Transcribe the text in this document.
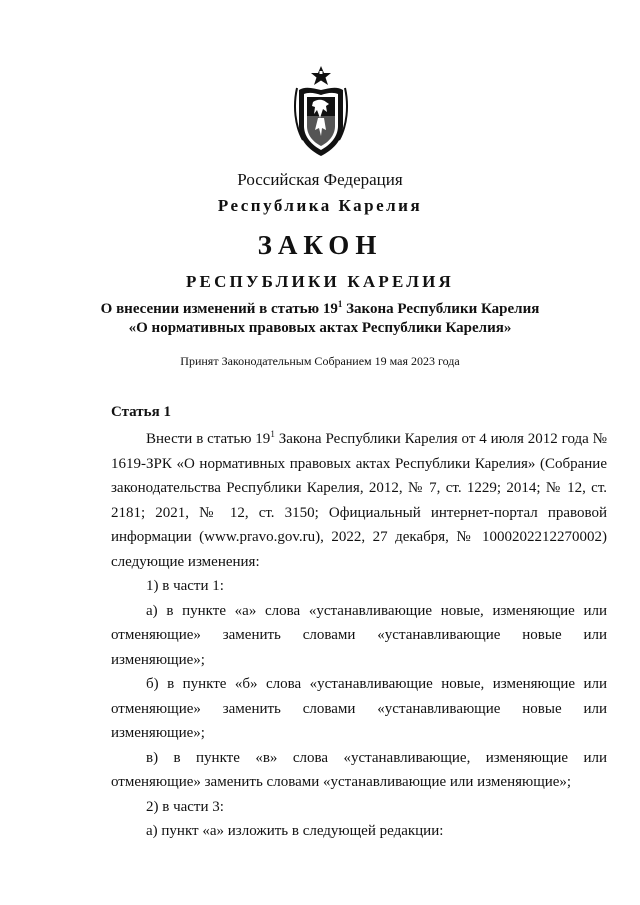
Российская Федерация
Республика Карелия
ЗАКОН
РЕСПУБЛИКИ КАРЕЛИЯ
О внесении изменений в статью $19^1$ Закона Республики Карелия
«О нормативных правовых актах Республики Карелия»
Принят Законодательным Собранием 19 мая 2023 года
Статья 1

Внести в статью $19^1$ Закона Республики Карелия от 4 июля 2012 года № 1619-ЗРК «О нормативных правовых актах Республики Карелия» (Собрание законодательства Республики Карелия, 2012, № 7, ст. 1229; 2014; № 12, ст. 2181; 2021, № 12, ст. 3150; Официальный интернет-портал правовой информации (www.pravo.gov.ru), 2022, 27 декабря, № 1000202212270002) следующие изменения:

1) в части 1:

а) в пункте «а» слова «устанавливающие новые, изменяющие или отменяющие» заменить словами «устанавливающие новые или изменяющие»;

б) в пункте «б» слова «устанавливающие новые, изменяющие или отменяющие» заменить словами «устанавливающие новые или изменяющие»;

в) в пункте «в» слова «устанавливающие, изменяющие или отменяющие» заменить словами «устанавливающие или изменяющие»;

2) в части 3:

а) пункт «а» изложить в следующей редакции:
